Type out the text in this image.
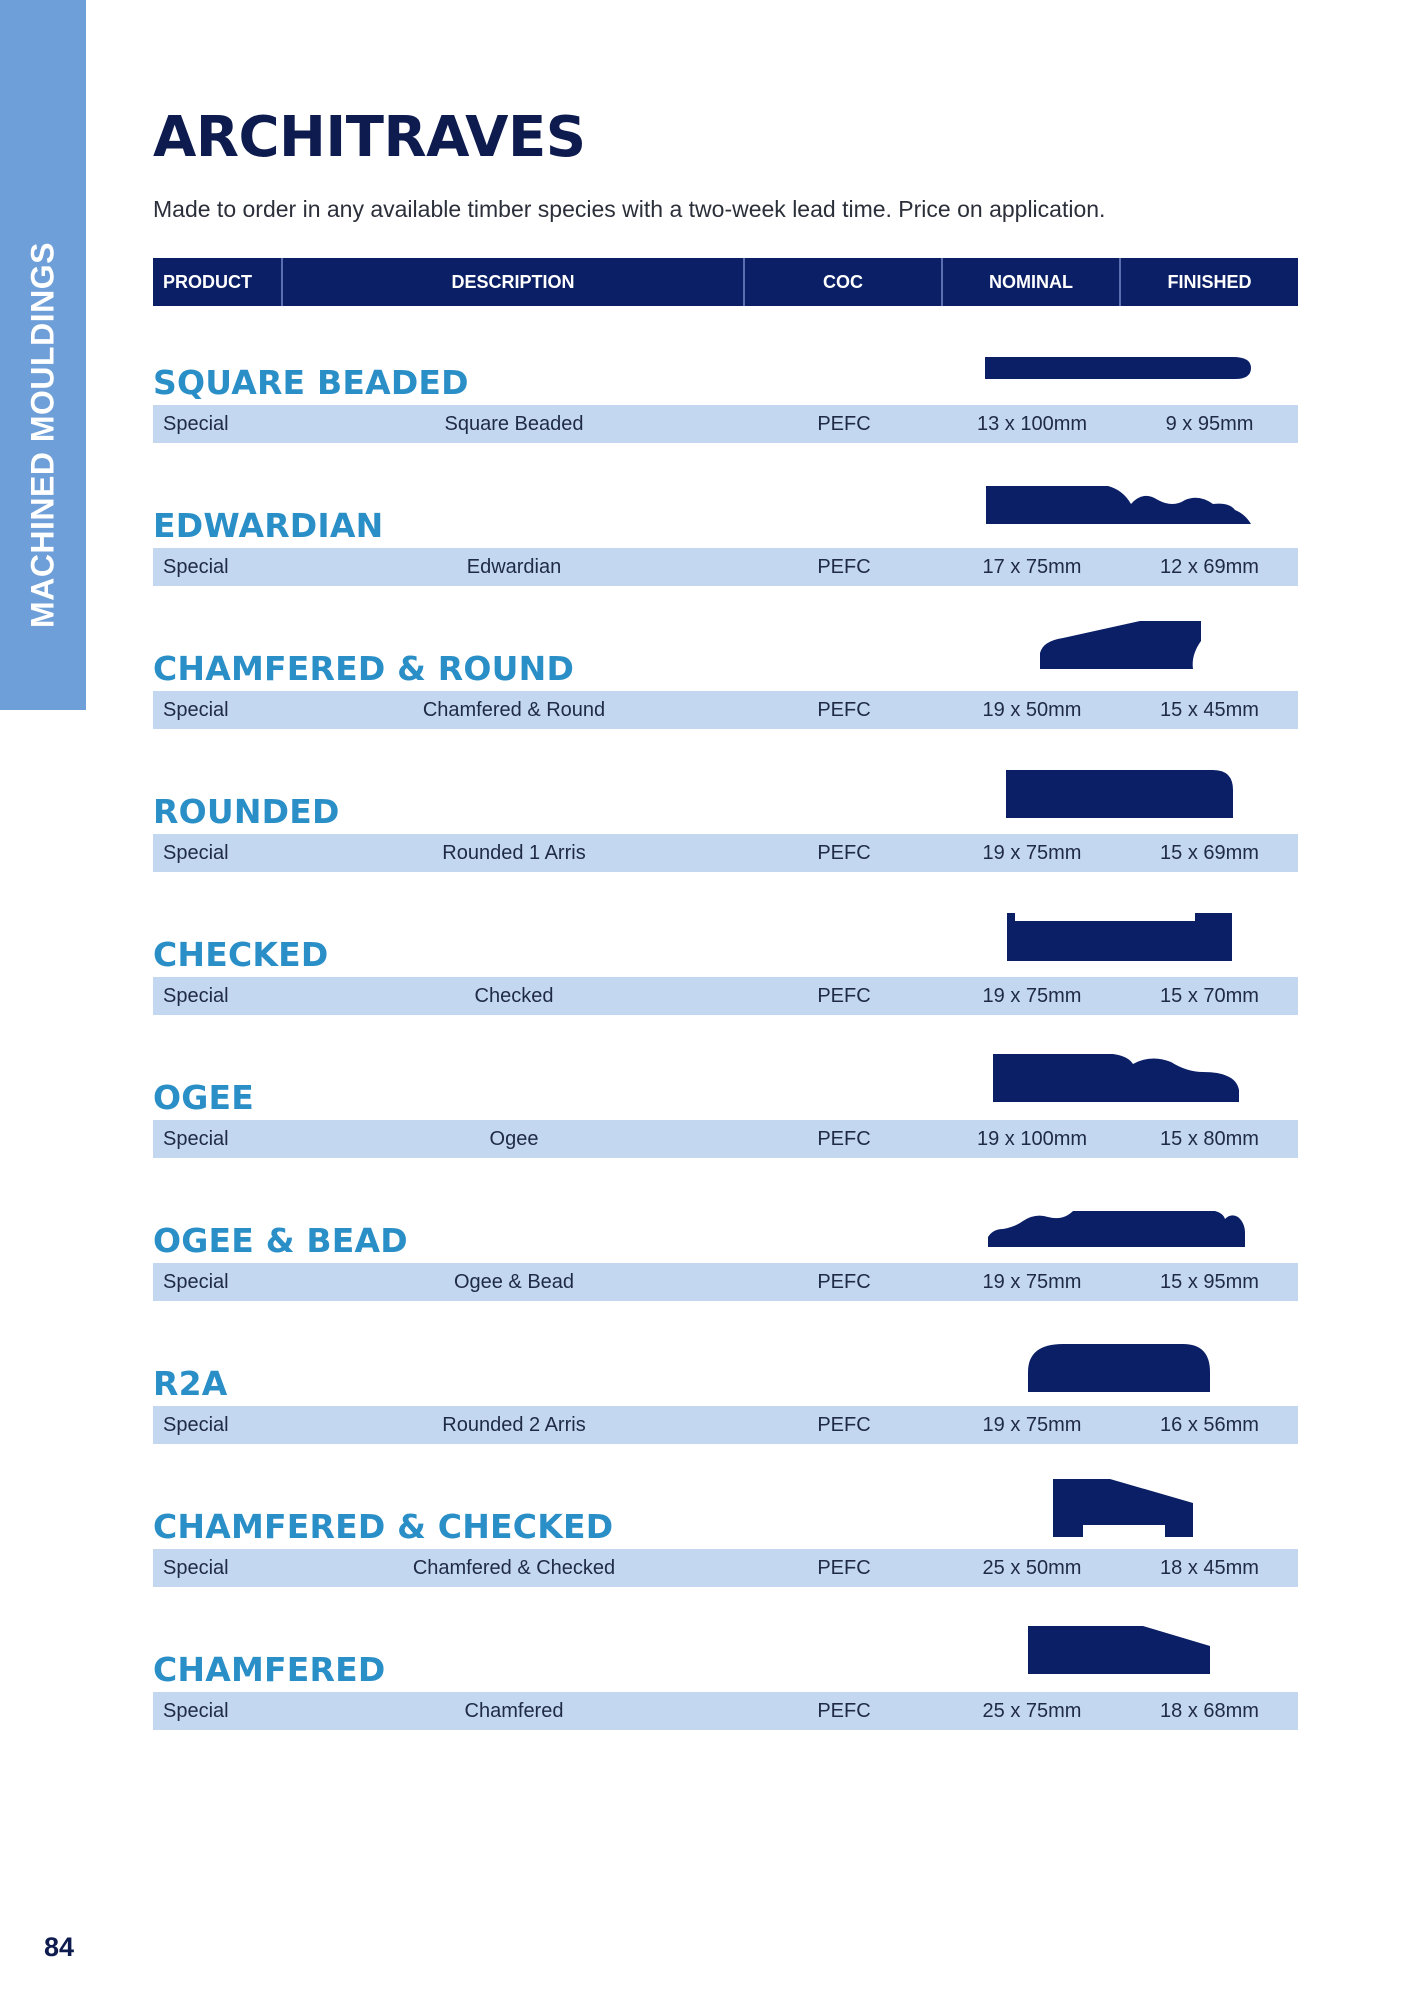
MACHINED MOULDINGS
ARCHITRAVES

Made to order in any available timber species with a two-week lead time. Price on application.

PRODUCT	DESCRIPTION	COC	NOMINAL	FINISHED
SQUARE BEADED
Special	Square Beaded	PEFC	13 x 100mm	9 x 95mm
EDWARDIAN
Special	Edwardian	PEFC	17 x 75mm	12 x 69mm
CHAMFERED & ROUND
Special	Chamfered & Round	PEFC	19 x 50mm	15 x 45mm
ROUNDED
Special	Rounded 1 Arris	PEFC	19 x 75mm	15 x 69mm
CHECKED
Special	Checked	PEFC	19 x 75mm	15 x 70mm
OGEE
Special	Ogee	PEFC	19 x 100mm	15 x 80mm
OGEE & BEAD
Special	Ogee & Bead	PEFC	19 x 75mm	15 x 95mm
R2A
Special	Rounded 2 Arris	PEFC	19 x 75mm	16 x 56mm
CHAMFERED & CHECKED
Special	Chamfered & Checked	PEFC	25 x 50mm	18 x 45mm
CHAMFERED
Special	Chamfered	PEFC	25 x 75mm	18 x 68mm

84
